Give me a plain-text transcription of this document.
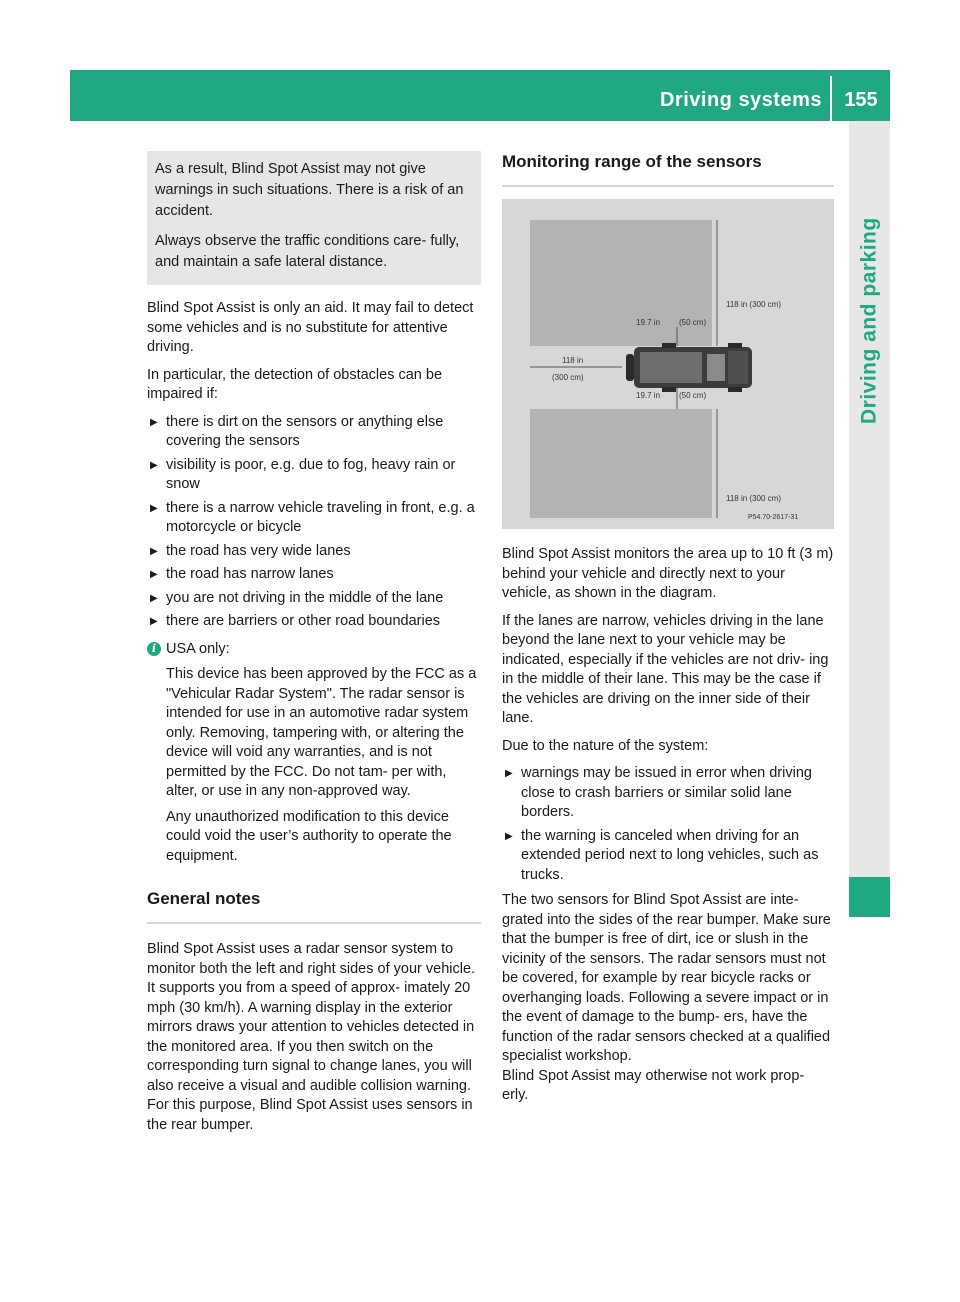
Driving systems	155
Driving and parking

As a result, Blind Spot Assist may not give warnings in such situations. There is a risk of an accident.

Always observe the traffic conditions care- fully, and maintain a safe lateral distance.

Blind Spot Assist is only an aid. It may fail to detect some vehicles and is no substitute for attentive driving.

In particular, the detection of obstacles can be impaired if:

▶ there is dirt on the sensors or anything else covering the sensors
▶ visibility is poor, e.g. due to fog, heavy rain or snow
▶ there is a narrow vehicle traveling in front, e.g. a motorcycle or bicycle
▶ the road has very wide lanes
▶ the road has narrow lanes
▶ you are not driving in the middle of the lane
▶ there are barriers or other road boundaries
i USA only:

This device has been approved by the FCC as a "Vehicular Radar System". The radar sensor is intended for use in an automotive radar system only. Removing, tampering with, or altering the device will void any warranties, and is not permitted by the FCC. Do not tam- per with, alter, or use in any non-approved way.

Any unauthorized modification to this device could void the user’s authority to operate the equipment.

General notes

Blind Spot Assist uses a radar sensor system to monitor both the left and right sides of your vehicle. It supports you from a speed of approx- imately 20 mph (30 km/h). A warning display in the exterior mirrors draws your attention to vehicles detected in the monitored area. If you then switch on the corresponding turn signal to change lanes, you will also receive a visual and audible collision warning. For this purpose, Blind Spot Assist uses sensors in the rear bumper.

Monitoring range of the sensors
118 in (300 cm)
118 in (300 cm)
19.7 in (50 cm)
19.7 in (50 cm)
118 in
(300 cm)
P54.70-2617-31

Blind Spot Assist monitors the area up to 10 ft (3 m) behind your vehicle and directly next to your vehicle, as shown in the diagram.

If the lanes are narrow, vehicles driving in the lane beyond the lane next to your vehicle may be indicated, especially if the vehicles are not driv- ing in the middle of their lane. This may be the case if the vehicles are driving on the inner side of their lane.

Due to the nature of the system:

▶ warnings may be issued in error when driving close to crash barriers or similar solid lane borders.
▶ the warning is canceled when driving for an extended period next to long vehicles, such as trucks.

The two sensors for Blind Spot Assist are inte- grated into the sides of the rear bumper. Make sure that the bumper is free of dirt, ice or slush in the vicinity of the sensors. The radar sensors must not be covered, for example by rear bicycle racks or overhanging loads. Following a severe impact or in the event of damage to the bump- ers, have the function of the radar sensors checked at a qualified specialist workshop.

Blind Spot Assist may otherwise not work prop- erly.
